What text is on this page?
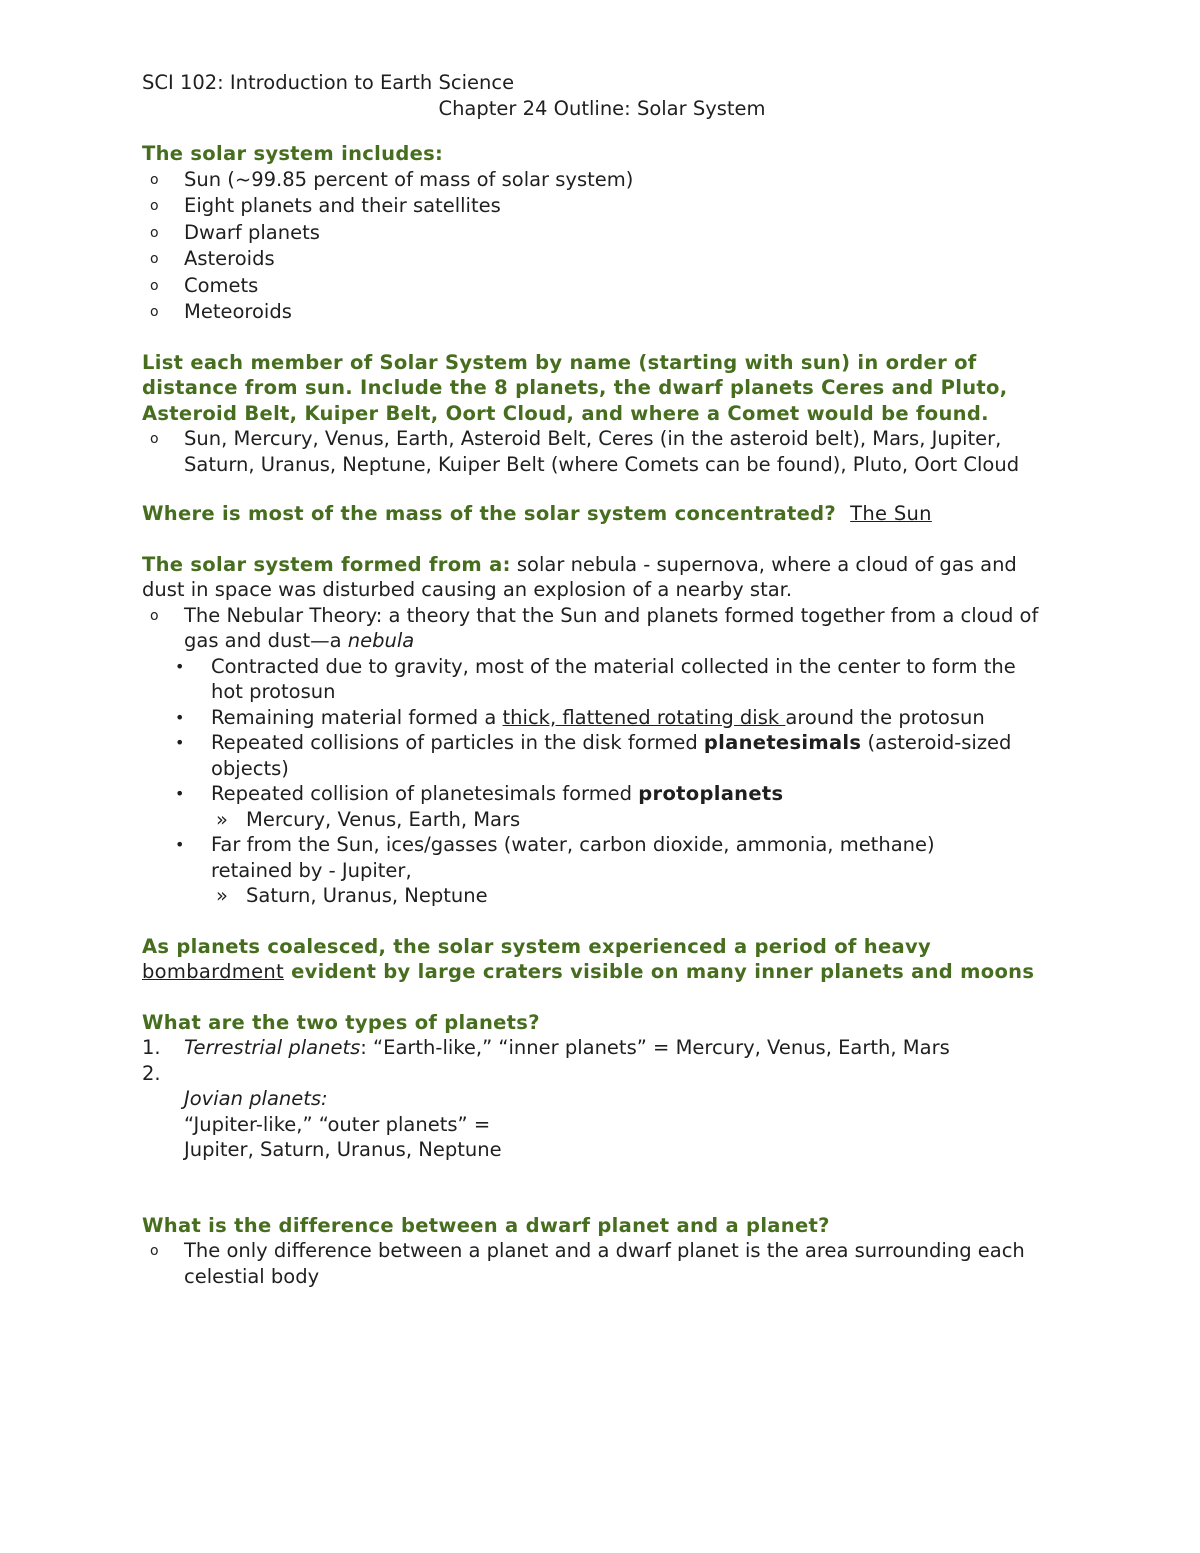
SCI 102: Introduction to Earth Science
Chapter 24 Outline: Solar System
The solar system includes:
o Sun (~99.85 percent of mass of solar system)
o Eight planets and their satellites
o Dwarf planets
o Asteroids
o Comets
o Meteoroids
List each member of Solar System by name (starting with sun) in order of distance from sun. Include the 8 planets, the dwarf planets Ceres and Pluto, Asteroid Belt, Kuiper Belt, Oort Cloud, and where a Comet would be found.
o Sun, Mercury, Venus, Earth, Asteroid Belt, Ceres (in the asteroid belt), Mars, Jupiter, Saturn, Uranus, Neptune, Kuiper Belt (where Comets can be found), Pluto, Oort Cloud
Where is most of the mass of the solar system concentrated? The Sun
The solar system formed from a: solar nebula - supernova, where a cloud of gas and dust in space was disturbed causing an explosion of a nearby star.
o The Nebular Theory: a theory that the Sun and planets formed together from a cloud of gas and dust—a nebula
• Contracted due to gravity, most of the material collected in the center to form the hot protosun
• Remaining material formed a thick, flattened rotating disk around the protosun
• Repeated collisions of particles in the disk formed planetesimals (asteroid-sized objects)
• Repeated collision of planetesimals formed protoplanets
» Mercury, Venus, Earth, Mars
• Far from the Sun, ices/gasses (water, carbon dioxide, ammonia, methane) retained by - Jupiter,
» Saturn, Uranus, Neptune
As planets coalesced, the solar system experienced a period of heavy bombardment evident by large craters visible on many inner planets and moons
What are the two types of planets?
1. Terrestrial planets: “Earth-like,” “inner planets” = Mercury, Venus, Earth, Mars
2.

Jovian planets:
“Jupiter-like,” “outer planets” =
Jupiter, Saturn, Uranus, Neptune
What is the difference between a dwarf planet and a planet?
o The only difference between a planet and a dwarf planet is the area surrounding each celestial body
